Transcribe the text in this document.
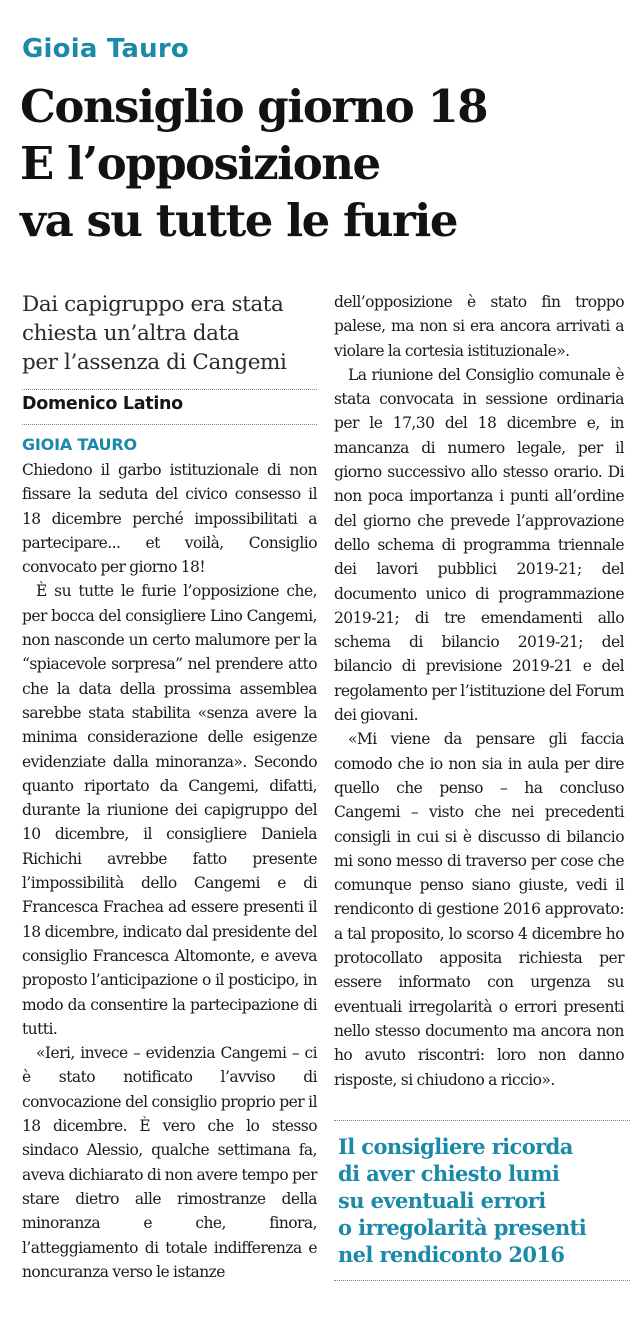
Gioia Tauro
Consiglio giorno 18
E l’opposizione
va su tutte le furie
Dai capigruppo era stata
chiesta un’altra data
per l’assenza di Cangemi
Domenico Latino
GIOIA TAURO

Chiedono il garbo istituzionale di non fissare la seduta del civico consesso il 18 dicembre perché impossibilitati a partecipare... et voilà, Consiglio convocato per giorno 18!

È su tutte le furie l’opposizione che, per bocca del consigliere Lino Cangemi, non nasconde un certo malumore per la “spiacevole sorpresa” nel prendere atto che la data della prossima assemblea sarebbe stata stabilita «senza avere la minima considerazione delle esigenze evidenziate dalla minoranza». Secondo quanto riportato da Cangemi, difatti, durante la riunione dei capigruppo del 10 dicembre, il consigliere Daniela Richichi avrebbe fatto presente l’impossibilità dello Cangemi e di Francesca Frachea ad essere presenti il 18 dicembre, indicato dal presidente del consiglio Francesca Altomonte, e aveva proposto l’anticipazione o il posticipo, in modo da consentire la partecipazione di tutti.

«Ieri, invece – evidenzia Cangemi – ci è stato notificato l’avviso di convocazione del consiglio proprio per il 18 dicembre. È vero che lo stesso sindaco Alessio, qualche settimana fa, aveva dichiarato di non avere tempo per stare dietro alle rimostranze della minoranza e che, finora, l’atteggiamento di totale indifferenza e noncuranza verso le istanze

dell’opposizione è stato fin troppo palese, ma non si era ancora arrivati a violare la cortesia istituzionale».

La riunione del Consiglio comunale è stata convocata in sessione ordinaria per le 17,30 del 18 dicembre e, in mancanza di numero legale, per il giorno successivo allo stesso orario. Di non poca importanza i punti all’ordine del giorno che prevede l’approvazione dello schema di programma triennale dei lavori pubblici 2019-21; del documento unico di programmazione 2019-21; di tre emendamenti allo schema di bilancio 2019-21; del bilancio di previsione 2019-21 e del regolamento per l’istituzione del Forum dei giovani.

«Mi viene da pensare gli faccia comodo che io non sia in aula per dire quello che penso – ha concluso Cangemi – visto che nei precedenti consigli in cui si è discusso di bilancio mi sono messo di traverso per cose che comunque penso siano giuste, vedi il rendiconto di gestione 2016 approvato: a tal proposito, lo scorso 4 dicembre ho protocollato apposita richiesta per essere informato con urgenza su eventuali irregolarità o errori presenti nello stesso documento ma ancora non ho avuto riscontri: loro non danno risposte, si chiudono a riccio».

Il consigliere ricorda
di aver chiesto lumi
su eventuali errori
o irregolarità presenti
nel rendiconto 2016
